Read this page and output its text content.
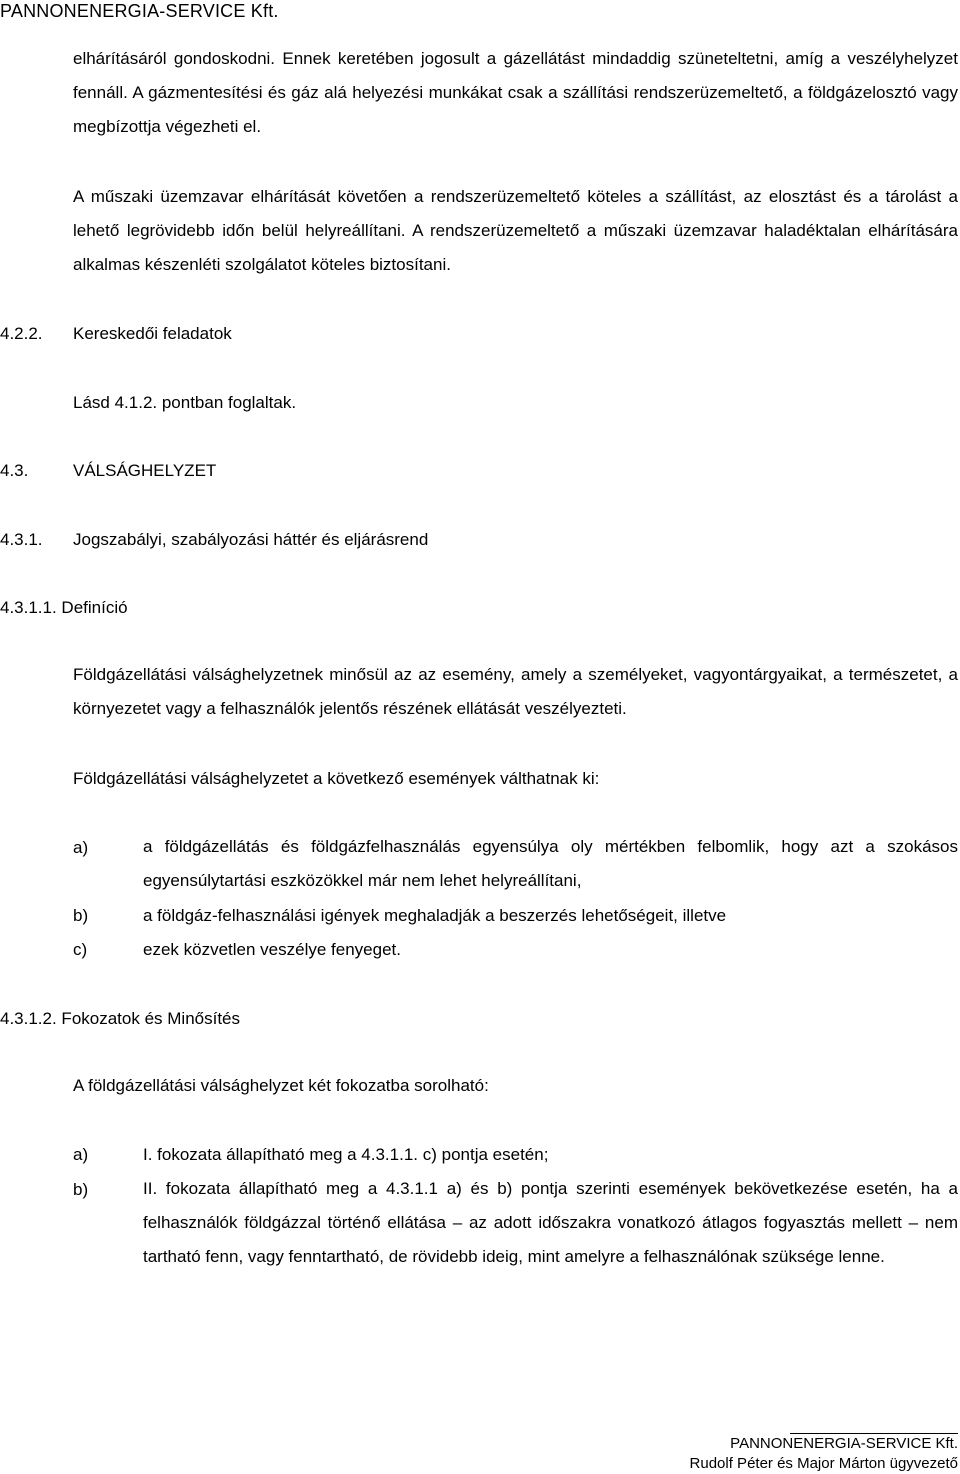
PANNONENERGIA-SERVICE Kft.

elhárításáról gondoskodni. Ennek keretében jogosult a gázellátást mindaddig szüneteltetni, amíg a veszélyhelyzet fennáll. A gázmentesítési és gáz alá helyezési munkákat csak a szállítási rendszerüzemeltető, a földgázelosztó vagy megbízottja végezheti el.

A műszaki üzemzavar elhárítását követően a rendszerüzemeltető köteles a szállítást, az elosztást és a tárolást a lehető legrövidebb időn belül helyreállítani. A rendszerüzemeltető a műszaki üzemzavar haladéktalan elhárítására alkalmas készenléti szolgálatot köteles biztosítani.

4.2.2. Kereskedői feladatok
Lásd 4.1.2. pontban foglaltak.
4.3.	VÁLSÁGHELYZET
4.3.1. Jogszabályi, szabályozási háttér és eljárásrend
4.3.1.1. Definíció

Földgázellátási válsághelyzetnek minősül az az esemény, amely a személyeket, vagyontárgyaikat, a természetet, a környezetet vagy a felhasználók jelentős részének ellátását veszélyezteti.

Földgázellátási válsághelyzetet a következő események válthatnak ki:
a)	a földgázellátás és földgázfelhasználás egyensúlya oly mértékben felbomlik, hogy azt a szokásos egyensúlytartási eszközökkel már nem lehet helyreállítani,

b)	a földgáz-felhasználási igények meghaladják a beszerzés lehetőségeit, illetve
c)	ezek közvetlen veszélye fenyeget.
4.3.1.2. Fokozatok és Minősítés
A földgázellátási válsághelyzet két fokozatba sorolható:
a)	I. fokozata állapítható meg a 4.3.1.1. c) pontja esetén;
b)	II. fokozata állapítható meg a 4.3.1.1 a) és b) pontja szerinti események bekövetkezése esetén, ha a felhasználók földgázzal történő ellátása – az adott időszakra vonatkozó átlagos fogyasztás mellett – nem tartható fenn, vagy fenntartható, de rövidebb ideig, mint amelyre a felhasználónak szüksége lenne.

PANNONENERGIA-SERVICE Kft.
Rudolf Péter és Major Márton ügyvezető
